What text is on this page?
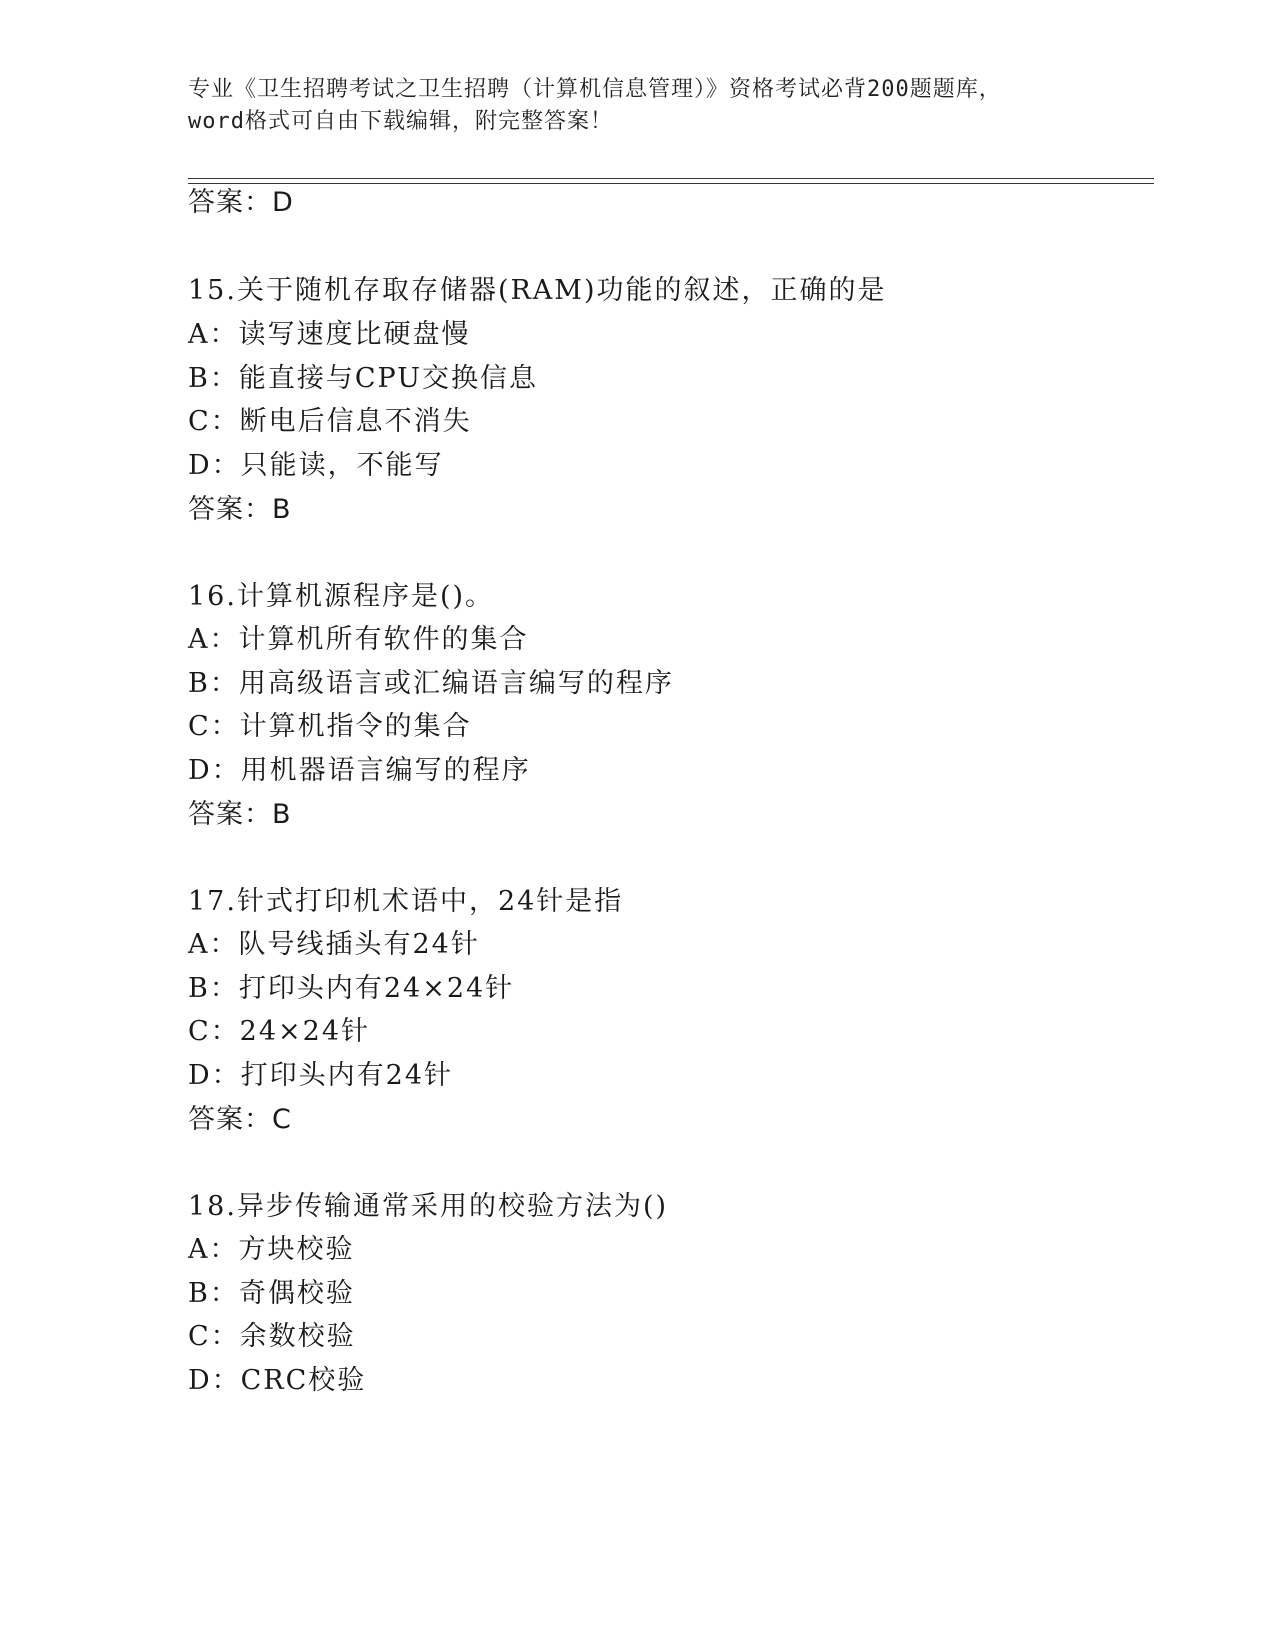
专业《卫生招聘考试之卫生招聘（计算机信息管理）》资格考试必背200题题库，
word格式可自由下载编辑，附完整答案！
答案：D
15.关于随机存取存储器(RAM)功能的叙述，正确的是
A：读写速度比硬盘慢
B：能直接与CPU交换信息
C：断电后信息不消失
D：只能读，不能写
答案：B
16.计算机源程序是()。
A：计算机所有软件的集合
B：用高级语言或汇编语言编写的程序
C：计算机指令的集合
D：用机器语言编写的程序
答案：B
17.针式打印机术语中，24针是指
A：队号线插头有24针
B：打印头内有24×24针
C：24×24针
D：打印头内有24针
答案：C
18.异步传输通常采用的校验方法为()
A：方块校验
B：奇偶校验
C：余数校验
D：CRC校验
